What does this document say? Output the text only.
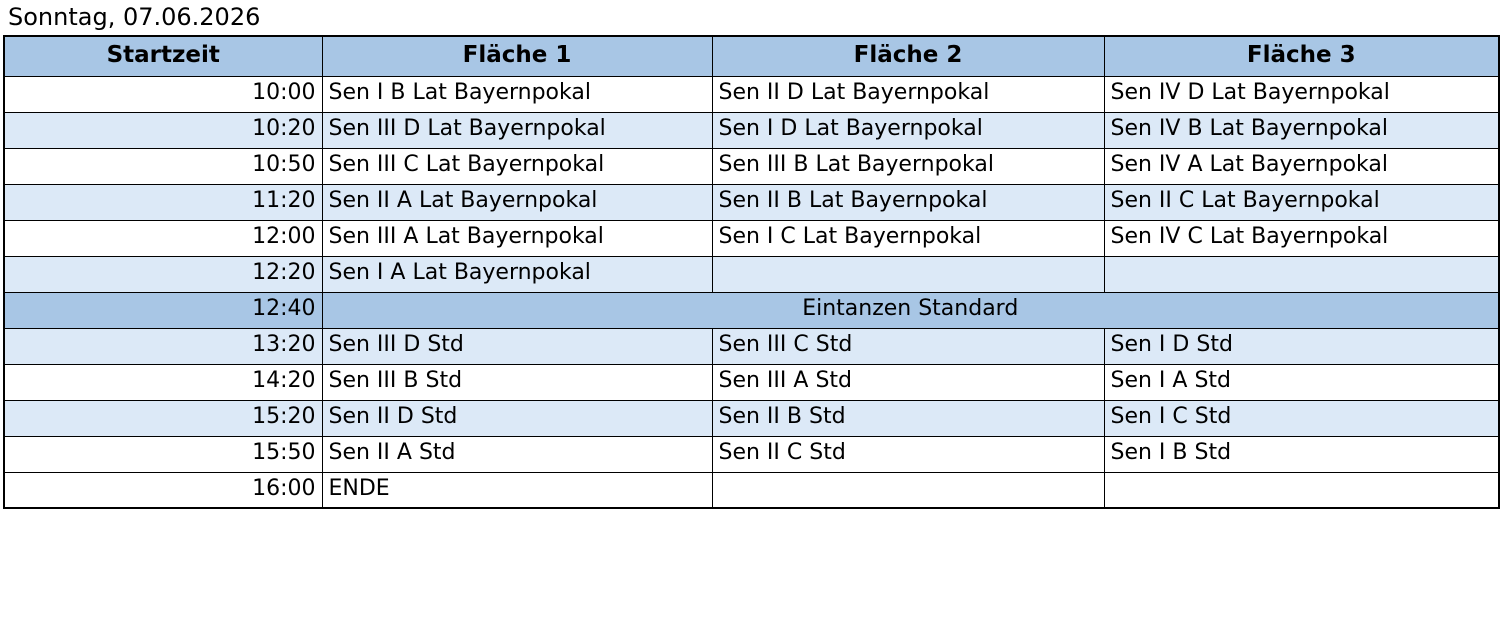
Sonntag, 07.06.2026
Startzeit	Fläche 1	Fläche 2	Fläche 3
10:00	Sen I B Lat Bayernpokal	Sen II D Lat Bayernpokal	Sen IV D Lat Bayernpokal
10:20	Sen III D Lat Bayernpokal	Sen I D Lat Bayernpokal	Sen IV B Lat Bayernpokal
10:50	Sen III C Lat Bayernpokal	Sen III B Lat Bayernpokal	Sen IV A Lat Bayernpokal
11:20	Sen II A Lat Bayernpokal	Sen II B Lat Bayernpokal	Sen II C Lat Bayernpokal
12:00	Sen III A Lat Bayernpokal	Sen I C Lat Bayernpokal	Sen IV C Lat Bayernpokal
12:20	Sen I A Lat Bayernpokal		
12:40	Eintanzen Standard		
13:20	Sen III D Std	Sen III C Std	Sen I D Std
14:20	Sen III B Std	Sen III A Std	Sen I A Std
15:20	Sen II D Std	Sen II B Std	Sen I C Std
15:50	Sen II A Std	Sen II C Std	Sen I B Std
16:00	ENDE		
